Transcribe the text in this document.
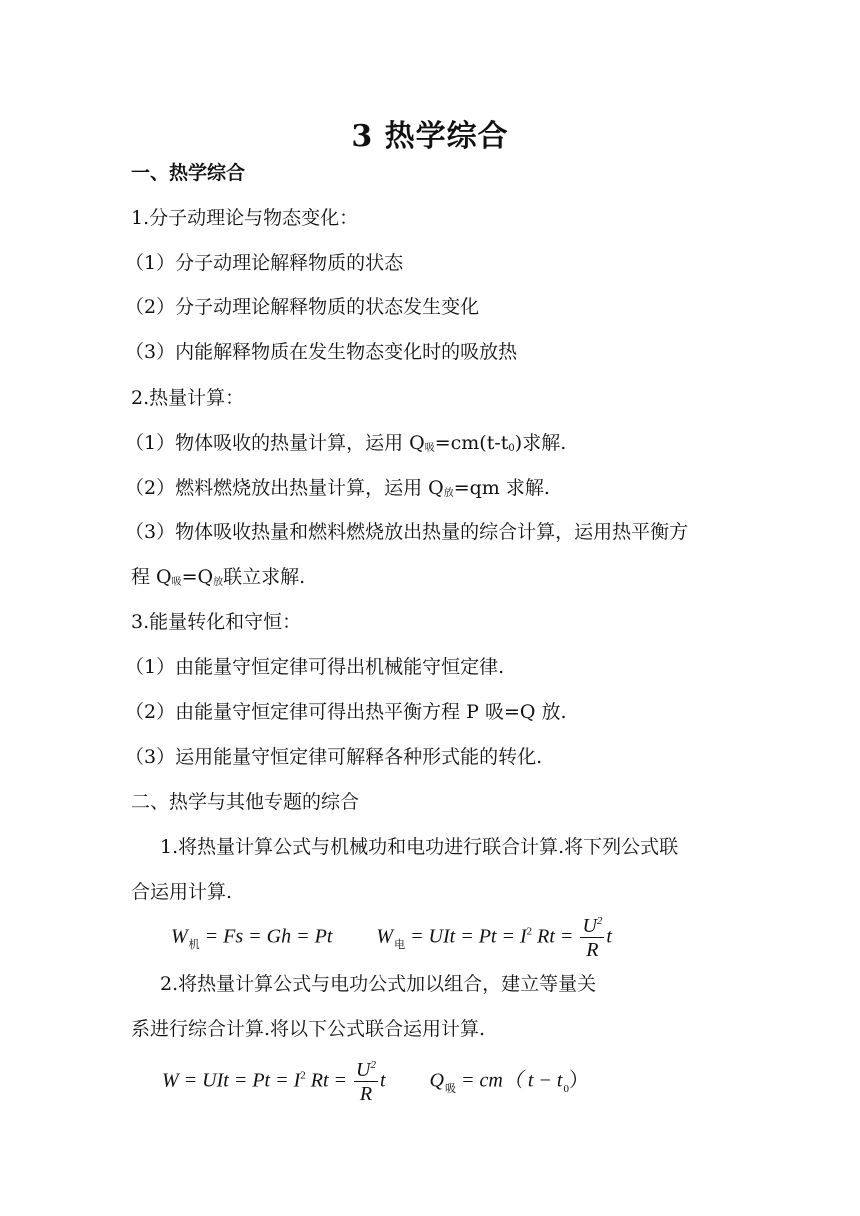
3 热学综合
一、热学综合
1.分子动理论与物态变化：
（1）分子动理论解释物质的状态
（2）分子动理论解释物质的状态发生变化
（3）内能解释物质在发生物态变化时的吸放热
2.热量计算：
（1）物体吸收的热量计算，运用 $Q_吸=cm(t-t_0)$求解.
（2）燃料燃烧放出热量计算，运用 $Q_放=qm$ 求解.
（3）物体吸收热量和燃料燃烧放出热量的综合计算，运用热平衡方
程 $Q_吸=Q_放$联立求解.
3.能量转化和守恒：
（1）由能量守恒定律可得出机械能守恒定律.
（2）由能量守恒定律可得出热平衡方程 P 吸=Q 放.
（3）运用能量守恒定律可解释各种形式能的转化.
二、热学与其他专题的综合
1.将热量计算公式与机械功和电功进行联合计算.将下列公式联
合运用计算.
$W_机 = Fs = Gh = Pt$ $W_电$ = UIt = $Pt = I^2$ $Rt = \frac{U^2}{R}$ t
2.将热量计算公式与电功公式加以组合，建立等量关
系进行综合计算.将以下公式联合运用计算.
W = UIt = $Pt = I^2$ $Rt = \frac{U^2}{R}$ t $Q_吸 = cm$（ $t - t_0$）
